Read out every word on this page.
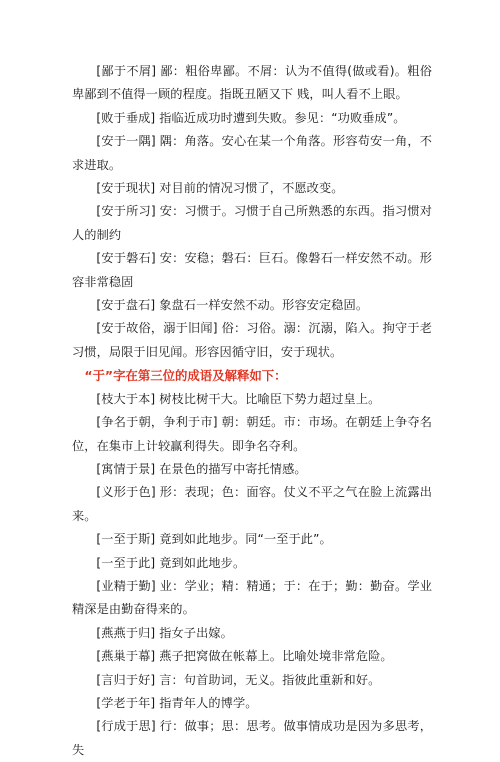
[鄙于不屑] 鄙：粗俗卑鄙。不屑：认为不值得(做或看)。粗俗卑鄙到不值得一顾的程度。指既丑陋又下 贱，叫人看不上眼。

[败于垂成] 指临近成功时遭到失败。参见：“功败垂成”。

[安于一隅] 隅：角落。安心在某一个角落。形容苟安一角，不求进取。

[安于现状] 对目前的情况习惯了，不愿改变。

[安于所习] 安：习惯于。习惯于自己所熟悉的东西。指习惯对人的制约

[安于磐石] 安：安稳；磐石：巨石。像磐石一样安然不动。形容非常稳固

[安于盘石] 象盘石一样安然不动。形容安定稳固。

[安于故俗，溺于旧闻] 俗：习俗。溺：沉溺，陷入。拘守于老习惯，局限于旧见闻。形容因循守旧，安于现状。

“于”字在第三位的成语及解释如下：

[枝大于本] 树枝比树干大。比喻臣下势力超过皇上。

[争名于朝，争利于市] 朝：朝廷。市：市场。在朝廷上争夺名位，在集市上计较赢利得失。即争名夺利。

[寓情于景] 在景色的描写中寄托情感。

[义形于色] 形：表现；色：面容。仗义不平之气在脸上流露出来。

[一至于斯] 竟到如此地步。同“一至于此”。

[一至于此] 竟到如此地步。

[业精于勤] 业：学业；精：精通；于：在于；勤：勤奋。学业精深是由勤奋得来的。

[燕燕于归] 指女子出嫁。

[燕巢于幕] 燕子把窝做在帐幕上。比喻处境非常危险。

[言归于好] 言：句首助词，无义。指彼此重新和好。

[学老于年] 指青年人的博学。

[行成于思] 行：做事；思：思考。做事情成功是因为多思考，失
